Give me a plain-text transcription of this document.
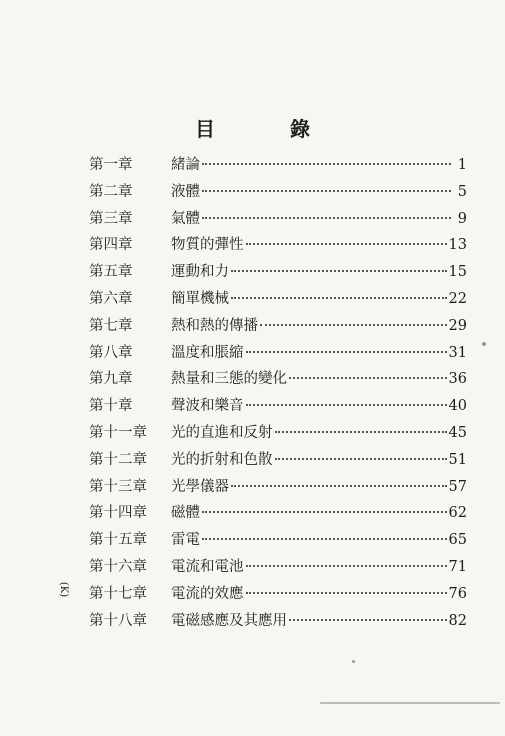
目 錄
第一章	緒論	1
第二章	液體	5
第三章	氣體	9
第四章	物質的彈性	13
第五章	運動和力	15
第六章	簡單機械	22
第七章	熱和熱的傳播	29
第八章	溫度和脹縮	31
第九章	熱量和三態的變化	36
第十章	聲波和樂音	40
第十一章	光的直進和反射	45
第十二章	光的折射和色散	51
第十三章	光學儀器	57
第十四章	磁體	62
第十五章	雷電	65
第十六章	電流和電池	71
第十七章	電流的效應	76
第十八章	電磁感應及其應用	82
(K)
